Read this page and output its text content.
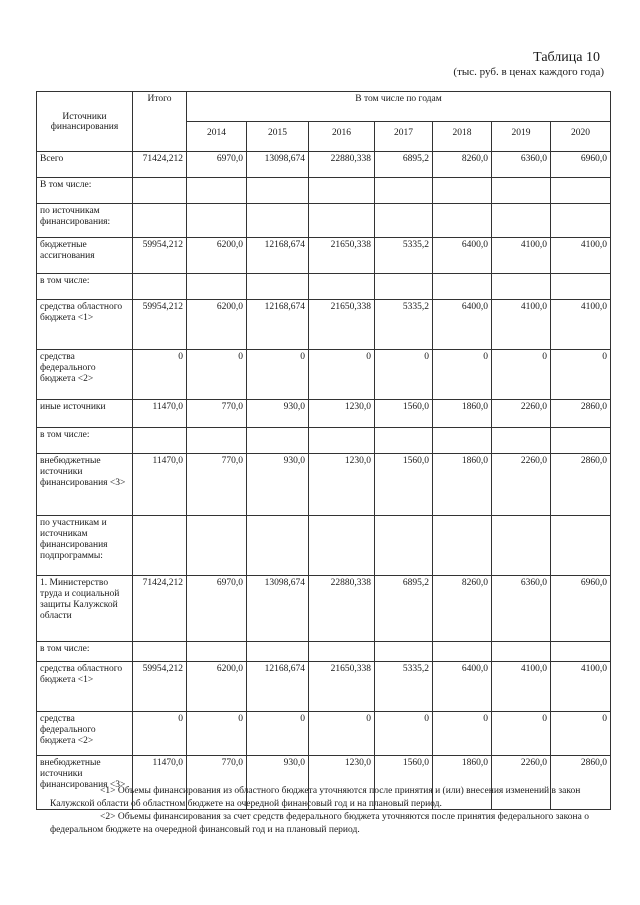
Таблица 10
(тыс. руб. в ценах каждого года)
Источники финансирования	Итого	В том числе по годам						
		2014	2015	2016	2017	2018	2019	2020
Всего	71424,212	6970,0	13098,674	22880,338	6895,2	8260,0	6360,0	6960,0
В том числе:								
по источникам финансирования:								
бюджетные ассигнования	59954,212	6200,0	12168,674	21650,338	5335,2	6400,0	4100,0	4100,0
в том числе:								
средства областного бюджета <1>	59954,212	6200,0	12168,674	21650,338	5335,2	6400,0	4100,0	4100,0
средства федерального бюджета <2>	0	0	0	0	0	0	0	0
иные источники	11470,0	770,0	930,0	1230,0	1560,0	1860,0	2260,0	2860,0
в том числе:								
внебюджетные источники финансирования <3>	11470,0	770,0	930,0	1230,0	1560,0	1860,0	2260,0	2860,0
по участникам и источникам финансирования подпрограммы:								
1. Министерство труда и социальной защиты Калужской области	71424,212	6970,0	13098,674	22880,338	6895,2	8260,0	6360,0	6960,0
в том числе:								
средства областного бюджета <1>	59954,212	6200,0	12168,674	21650,338	5335,2	6400,0	4100,0	4100,0
средства федерального бюджета <2>	0	0	0	0	0	0	0	0
внебюджетные источники финансирования <3>	11470,0	770,0	930,0	1230,0	1560,0	1860,0	2260,0	2860,0

<1> Объемы финансирования из областного бюджета уточняются после принятия и (или) внесения изменений в закон Калужской области об областном бюджете на очередной финансовый год и на плановый период.

<2> Объемы финансирования за счет средств федерального бюджета уточняются после принятия федерального закона о федеральном бюджете на очередной финансовый год и на плановый период.
